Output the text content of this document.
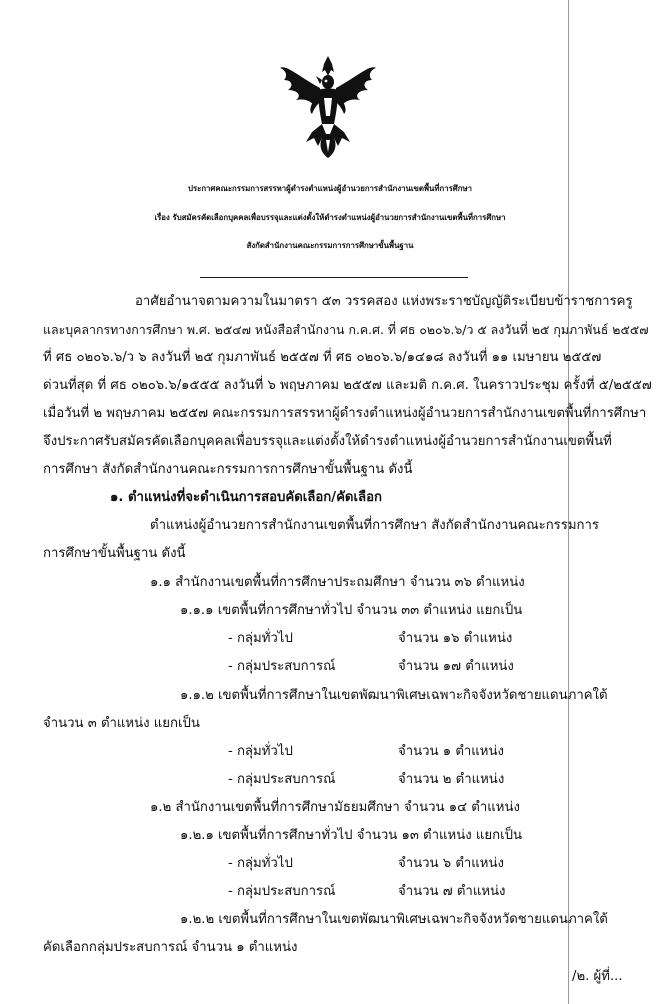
ประกาศคณะกรรมการสรรหาผู้ดำรงตำแหน่งผู้อำนวยการสำนักงานเขตพื้นที่การศึกษา
เรื่อง รับสมัครคัดเลือกบุคคลเพื่อบรรจุและแต่งตั้งให้ดำรงตำแหน่งผู้อำนวยการสำนักงานเขตพื้นที่การศึกษา
สังกัดสำนักงานคณะกรรมการการศึกษาขั้นพื้นฐาน
อาศัยอำนาจตามความในมาตรา ๕๓ วรรคสอง แห่งพระราชบัญญัติระเบียบข้าราชการครู
และบุคลากรทางการศึกษา พ.ศ. ๒๕๔๗ หนังสือสำนักงาน ก.ค.ศ. ที่ ศธ ๐๒๐๖.๖/ว ๕ ลงวันที่ ๒๕ กุมภาพันธ์ ๒๕๕๗
ที่ ศธ ๐๒๐๖.๖/ว ๖ ลงวันที่ ๒๕ กุมภาพันธ์ ๒๕๕๗ ที่ ศธ ๐๒๐๖.๖/๑๔๑๘ ลงวันที่ ๑๑ เมษายน ๒๕๕๗
ด่วนที่สุด ที่ ศธ ๐๒๐๖.๖/๑๕๕๕ ลงวันที่ ๖ พฤษภาคม ๒๕๕๗ และมติ ก.ค.ศ. ในคราวประชุม ครั้งที่ ๕/๒๕๕๗
เมื่อวันที่ ๒ พฤษภาคม ๒๕๕๗ คณะกรรมการสรรหาผู้ดำรงตำแหน่งผู้อำนวยการสำนักงานเขตพื้นที่การศึกษา
จึงประกาศรับสมัครคัดเลือกบุคคลเพื่อบรรจุและแต่งตั้งให้ดำรงตำแหน่งผู้อำนวยการสำนักงานเขตพื้นที่
การศึกษา สังกัดสำนักงานคณะกรรมการการศึกษาขั้นพื้นฐาน ดังนี้
๑. ตำแหน่งที่จะดำเนินการสอบคัดเลือก/คัดเลือก
ตำแหน่งผู้อำนวยการสำนักงานเขตพื้นที่การศึกษา สังกัดสำนักงานคณะกรรมการ
การศึกษาขั้นพื้นฐาน ดังนี้
๑.๑ สำนักงานเขตพื้นที่การศึกษาประถมศึกษา จำนวน ๓๖ ตำแหน่ง
๑.๑.๑ เขตพื้นที่การศึกษาทั่วไป จำนวน ๓๓ ตำแหน่ง แยกเป็น
- กลุ่มทั่วไป	จำนวน ๑๖ ตำแหน่ง
- กลุ่มประสบการณ์	จำนวน ๑๗ ตำแหน่ง
๑.๑.๒ เขตพื้นที่การศึกษาในเขตพัฒนาพิเศษเฉพาะกิจจังหวัดชายแดนภาคใต้
จำนวน ๓ ตำแหน่ง แยกเป็น
- กลุ่มทั่วไป	จำนวน ๑ ตำแหน่ง
- กลุ่มประสบการณ์	จำนวน ๒ ตำแหน่ง
๑.๒ สำนักงานเขตพื้นที่การศึกษามัธยมศึกษา จำนวน ๑๔ ตำแหน่ง
๑.๒.๑ เขตพื้นที่การศึกษาทั่วไป จำนวน ๑๓ ตำแหน่ง แยกเป็น
- กลุ่มทั่วไป	จำนวน ๖ ตำแหน่ง
- กลุ่มประสบการณ์	จำนวน ๗ ตำแหน่ง
๑.๒.๒ เขตพื้นที่การศึกษาในเขตพัฒนาพิเศษเฉพาะกิจจังหวัดชายแดนภาคใต้
คัดเลือกกลุ่มประสบการณ์ จำนวน ๑ ตำแหน่ง
/๒. ผู้ที่...
